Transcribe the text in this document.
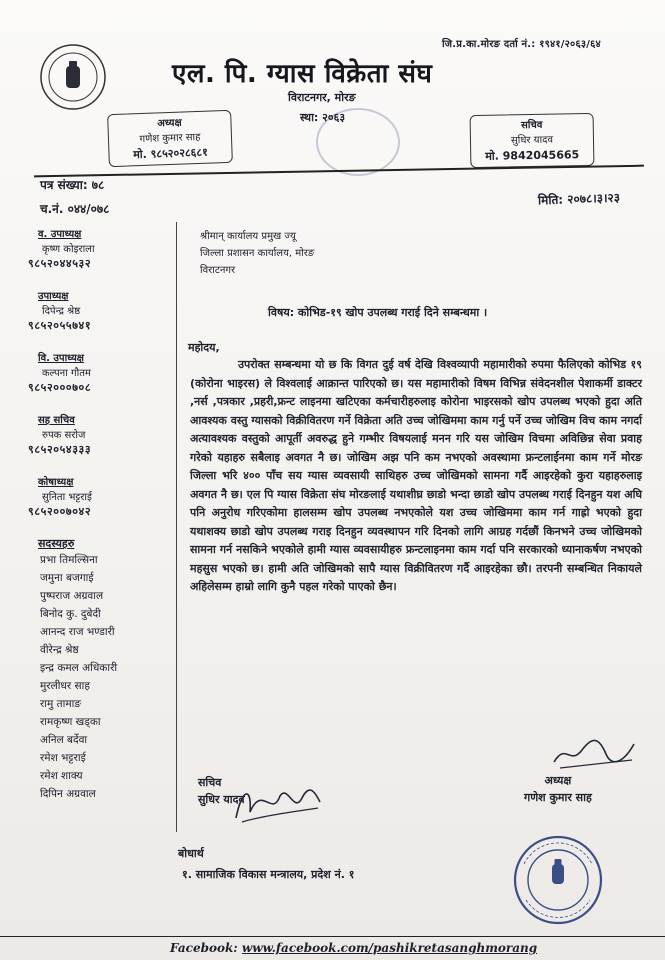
जि.प्र.का.मोरङ दर्ता नं.: १९४१/२०६३/६४
एल. पि. ग्यास विक्रेता संघ
विराटनगर, मोरङ
स्था: २०६३
अध्यक्ष
गणेश कुमार साह
मो. ९८५२०२८६८१
सचिव
सुधिर यादव
मो. 9842045665
पत्र संख्या: ७८
च.नं. ०४४/०७८
मिति: २०७८।३।२३
व. उपाध्यक्ष
कृष्ण कोइराला
९८५२०४४५३२
उपाध्यक्ष
दिपेन्द्र श्रेष्ठ
९८५२०५५७४१
वि. उपाध्यक्ष
कल्पना गौतम
९८५२०००७०८
सह सचिव
रुपक सरोज
९८५२०५४३३३
कोषाध्यक्ष
सुनिता भट्टराई
९८५२००७०४२
सदस्यहरु
प्रभा तिमल्सिना
जमुना बजगाई
पुष्पराज अग्रवाल
बिनोद कु. दुबेदी
आनन्द राज भण्डारी
वीरेन्द्र श्रेष्ठ
इन्द्र कमल अधिकारी
मुरलीधर साह
रामु तामाङ
रामकृष्ण खड्का
अनिल बर्देवा
रमेश भट्टराई
रमेश शाक्य
दिपिन अग्रवाल
श्रीमान् कार्यालय प्रमुख ज्यू
जिल्ला प्रशासन कार्यालय, मोरङ
विराटनगर
विषय: कोभिड-१९ खोप उपलब्ध गराई दिने सम्बन्धमा ।
महोदय,
उपरोक्त सम्बन्धमा यो छ कि विगत दुई वर्ष देखि विश्वव्यापी महामारीको रुपमा फैलिएको कोभिड १९ (कोरोना भाइरस) ले विश्वलाई आक्रान्त पारिएको छ। यस महामारीको विषम विभिन्न संवेदनशील पेशाकर्मी डाक्टर ,नर्स ,पत्रकार ,प्रहरी,फ्रन्ट लाइनमा खटिएका कर्मचारीहरुलाइ कोरोना भाइरसको खोप उपलब्ध भएको हुदा अति आवश्यक वस्तु ग्यासको विक्रीवितरण गर्ने विक्रेता अति उच्च जोखिममा काम गर्नु पर्ने उच्च जोखिम विच काम नगर्दा अत्यावश्यक वस्तुको आपूर्ती अवरुद्ध हुने गम्भीर विषयलाई मनन गरि यस जोखिम विचमा अविछिन्न सेवा प्रवाह गरेको यहाहरु सबैलाइ अवगत नै छ। जोखिम अझ पनि कम नभएको अवस्थामा फ्रन्टलाईनमा काम गर्ने मोरङ जिल्ला भरि ४०० पाँच सय ग्यास व्यवसायी साथिहरु उच्च जोखिमको सामना गर्दै आइरहेको कुरा यहाहरुलाइ अवगत नै छ। एल पि ग्यास विक्रेता संघ मोरङलाई यथाशीघ्र छाडो भन्दा छाडो खोप उपलब्ध गराई दिनहुन यश अघि पनि अनुरोध गरिएकोमा हालसम्म खोप उपलब्ध नभएकोले यश उच्च जोखिममा काम गर्न गाह्रो भएको हुदा यथाशक्य छाडो खोप उपलब्ध गराइ दिनहुन व्यवस्थापन गरि दिनको लागि आग्रह गर्दछौं किनभने उच्च जोखिमको सामना गर्न नसकिने भएकोले हामी ग्यास व्यवसायीहरु फ्रन्टलाइनमा काम गर्दा पनि सरकारको ध्यानाकर्षण नभएको महसुस भएको छ। हामी अति जोखिमको सापै ग्यास विक्रीवितरण गर्दै आइरहेका छौ। तरपनी सम्बन्धित निकायले अहिलेसम्म हाम्रो लागि कुनै पहल गरेको पाएको छैन।
अध्यक्ष
गणेश कुमार साह
सचिव
सुधिर यादव
बोधार्थ
१. सामाजिक विकास मन्त्रालय, प्रदेश नं. १
Facebook: www.facebook.com/pashikretasanghmorang
